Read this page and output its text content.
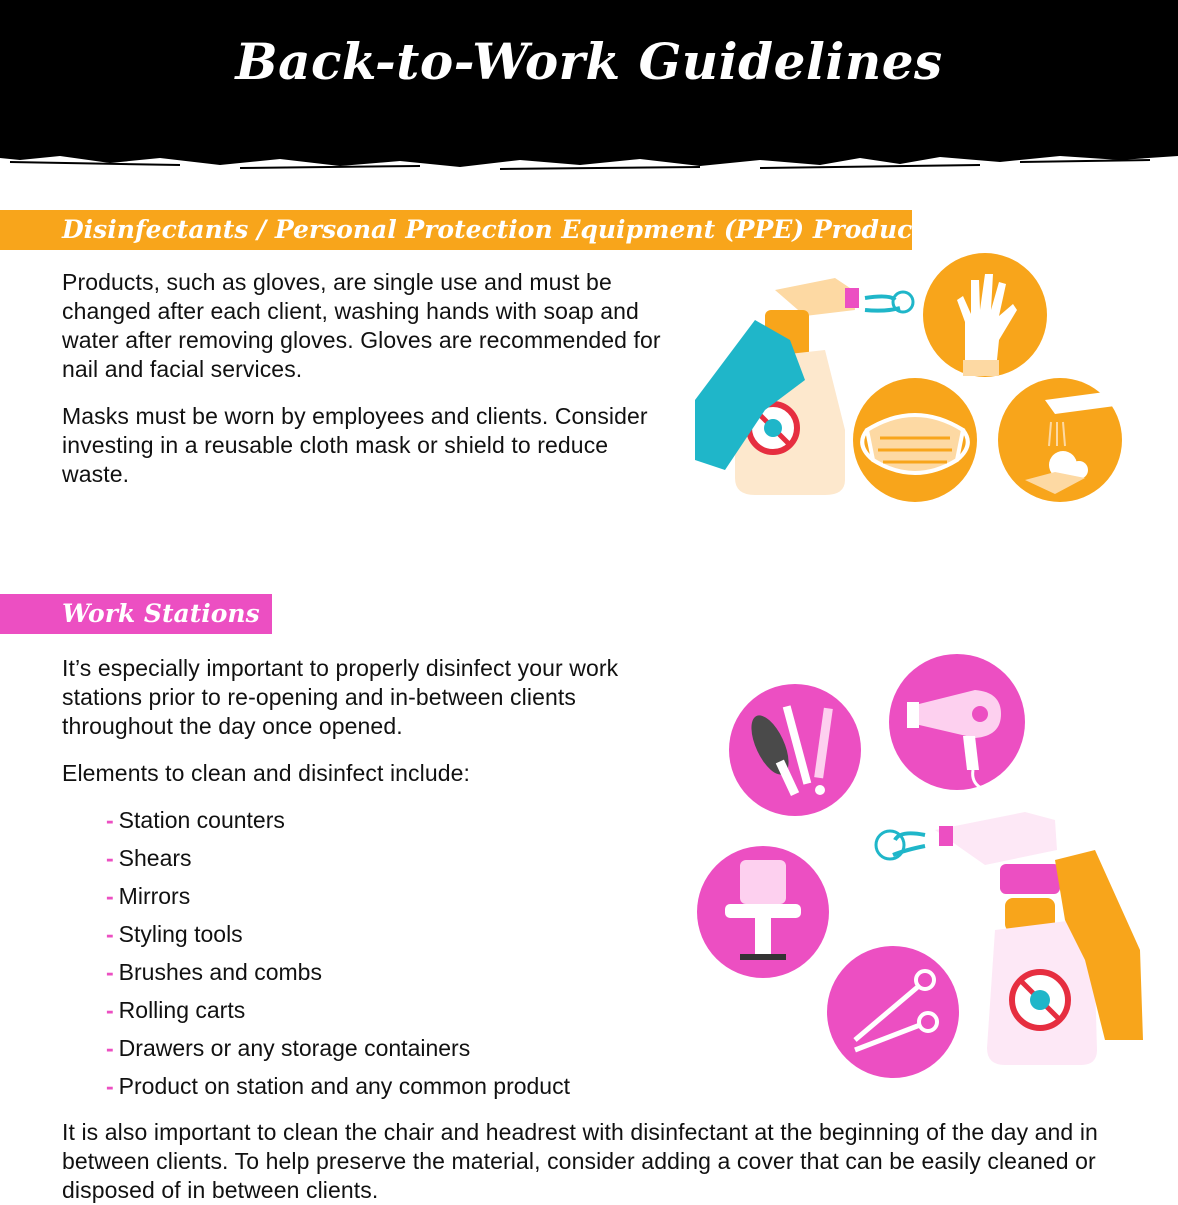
Back-to-Work Guidelines
Disinfectants / Personal Protection Equipment (PPE) Products

Products, such as gloves, are single use and must be changed after each client, washing hands with soap and water after removing gloves. Gloves are recommended for nail and facial services.

Masks must be worn by employees and clients. Consider investing in a reusable cloth mask or shield to reduce waste.

Work Stations

It’s especially important to properly disinfect your work stations prior to re-opening and in-between clients throughout the day once opened.

Elements to clean and disinfect include:

- Station counters
- Shears
- Mirrors
- Styling tools
- Brushes and combs
- Rolling carts
- Drawers or any storage containers
- Product on station and any common product

It is also important to clean the chair and headrest with disinfectant at the beginning of the day and in between clients. To help preserve the material, consider adding a cover that can be easily cleaned or disposed of in between clients.
